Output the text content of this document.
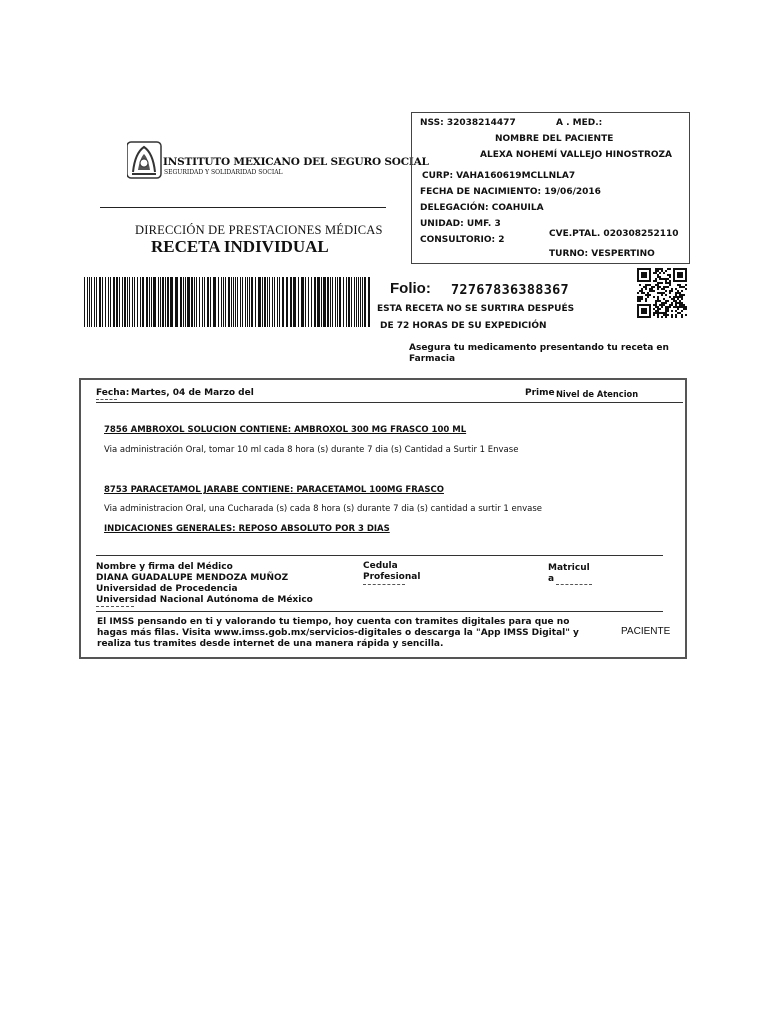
INSTITUTO MEXICANO DEL SEGURO SOCIAL
SEGURIDAD Y SOLIDARIDAD SOCIAL
DIRECCIÓN DE PRESTACIONES MÉDICAS
RECETA INDIVIDUAL
NSS: 32038214477	A . MED.:
NOMBRE DEL PACIENTE
ALEXA NOHEMÍ VALLEJO HINOSTROZA
CURP: VAHA160619MCLLNLA7
FECHA DE NACIMIENTO: 19/06/2016
DELEGACIÓN: COAHUILA
UNIDAD: UMF. 3
CONSULTORIO: 2
CVE.PTAL. 020308252110
TURNO: VESPERTINO
Folio: 72767836388367
ESTA RECETA NO SE SURTIRA DESPUÉS
DE 72 HORAS DE SU EXPEDICIÓN
Asegura tu medicamento presentando tu receta en Farmacia
Fecha: Martes, 04 de Marzo del	Prime Nivel de Atencion
7856 AMBROXOL SOLUCION CONTIENE: AMBROXOL 300 MG FRASCO 100 ML
Via administración Oral, tomar 10 ml cada 8 hora (s) durante 7 dia (s) Cantidad a Surtir 1 Envase
8753 PARACETAMOL JARABE CONTIENE: PARACETAMOL 100MG FRASCO
Via administracion Oral, una Cucharada (s) cada 8 hora (s) durante 7 dia (s) cantidad a surtir 1 envase
INDICACIONES GENERALES: REPOSO ABSOLUTO POR 3 DIAS
Nombre y firma del Médico
DIANA GUADALUPE MENDOZA MUÑOZ
Universidad de Procedencia
Universidad Nacional Autónoma de México
Cedula
Profesional
Matricul
a
El IMSS pensando en ti y valorando tu tiempo, hoy cuenta con tramites digitales para que no hagas más filas. Visita www.imss.gob.mx/servicios-digitales o descarga la "App IMSS Digital" y realiza tus tramites desde internet de una manera rápida y sencilla.
PACIENTE
